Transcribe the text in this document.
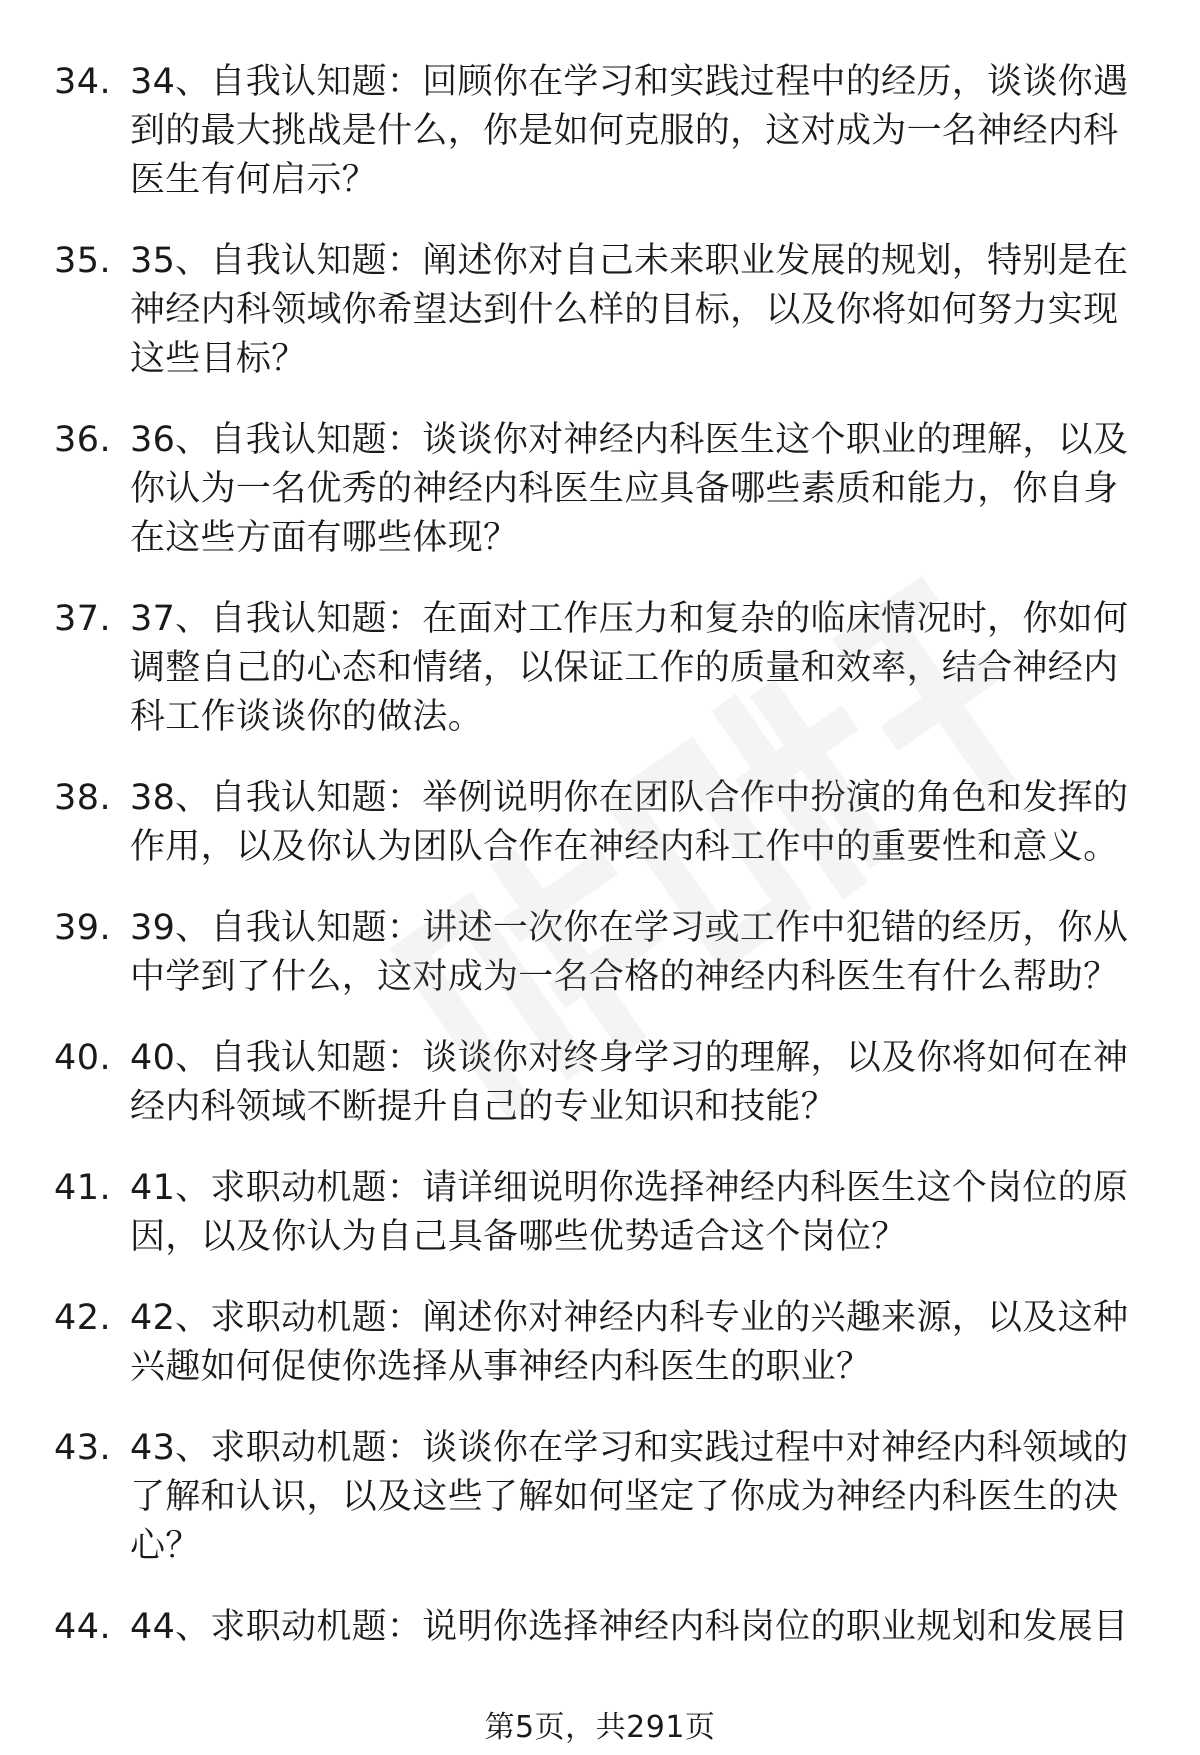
34. 34、自我认知题：回顾你在学习和实践过程中的经历，谈谈你遇到的最大挑战是什么，你是如何克服的，这对成为一名神经内科医生有何启示？
35. 35、自我认知题：阐述你对自己未来职业发展的规划，特别是在神经内科领域你希望达到什么样的目标，以及你将如何努力实现这些目标？
36. 36、自我认知题：谈谈你对神经内科医生这个职业的理解，以及你认为一名优秀的神经内科医生应具备哪些素质和能力，你自身在这些方面有哪些体现？
37. 37、自我认知题：在面对工作压力和复杂的临床情况时，你如何调整自己的心态和情绪，以保证工作的质量和效率，结合神经内科工作谈谈你的做法。
38. 38、自我认知题：举例说明你在团队合作中扮演的角色和发挥的作用，以及你认为团队合作在神经内科工作中的重要性和意义。
39. 39、自我认知题：讲述一次你在学习或工作中犯错的经历，你从中学到了什么，这对成为一名合格的神经内科医生有什么帮助？
40. 40、自我认知题：谈谈你对终身学习的理解，以及你将如何在神经内科领域不断提升自己的专业知识和技能？
41. 41、求职动机题：请详细说明你选择神经内科医生这个岗位的原因，以及你认为自己具备哪些优势适合这个岗位？
42. 42、求职动机题：阐述你对神经内科专业的兴趣来源，以及这种兴趣如何促使你选择从事神经内科医生的职业？
43. 43、求职动机题：谈谈你在学习和实践过程中对神经内科领域的了解和认识，以及这些了解如何坚定了你成为神经内科医生的决心？
44. 44、求职动机题：说明你选择神经内科岗位的职业规划和发展目
第5页，共291页
